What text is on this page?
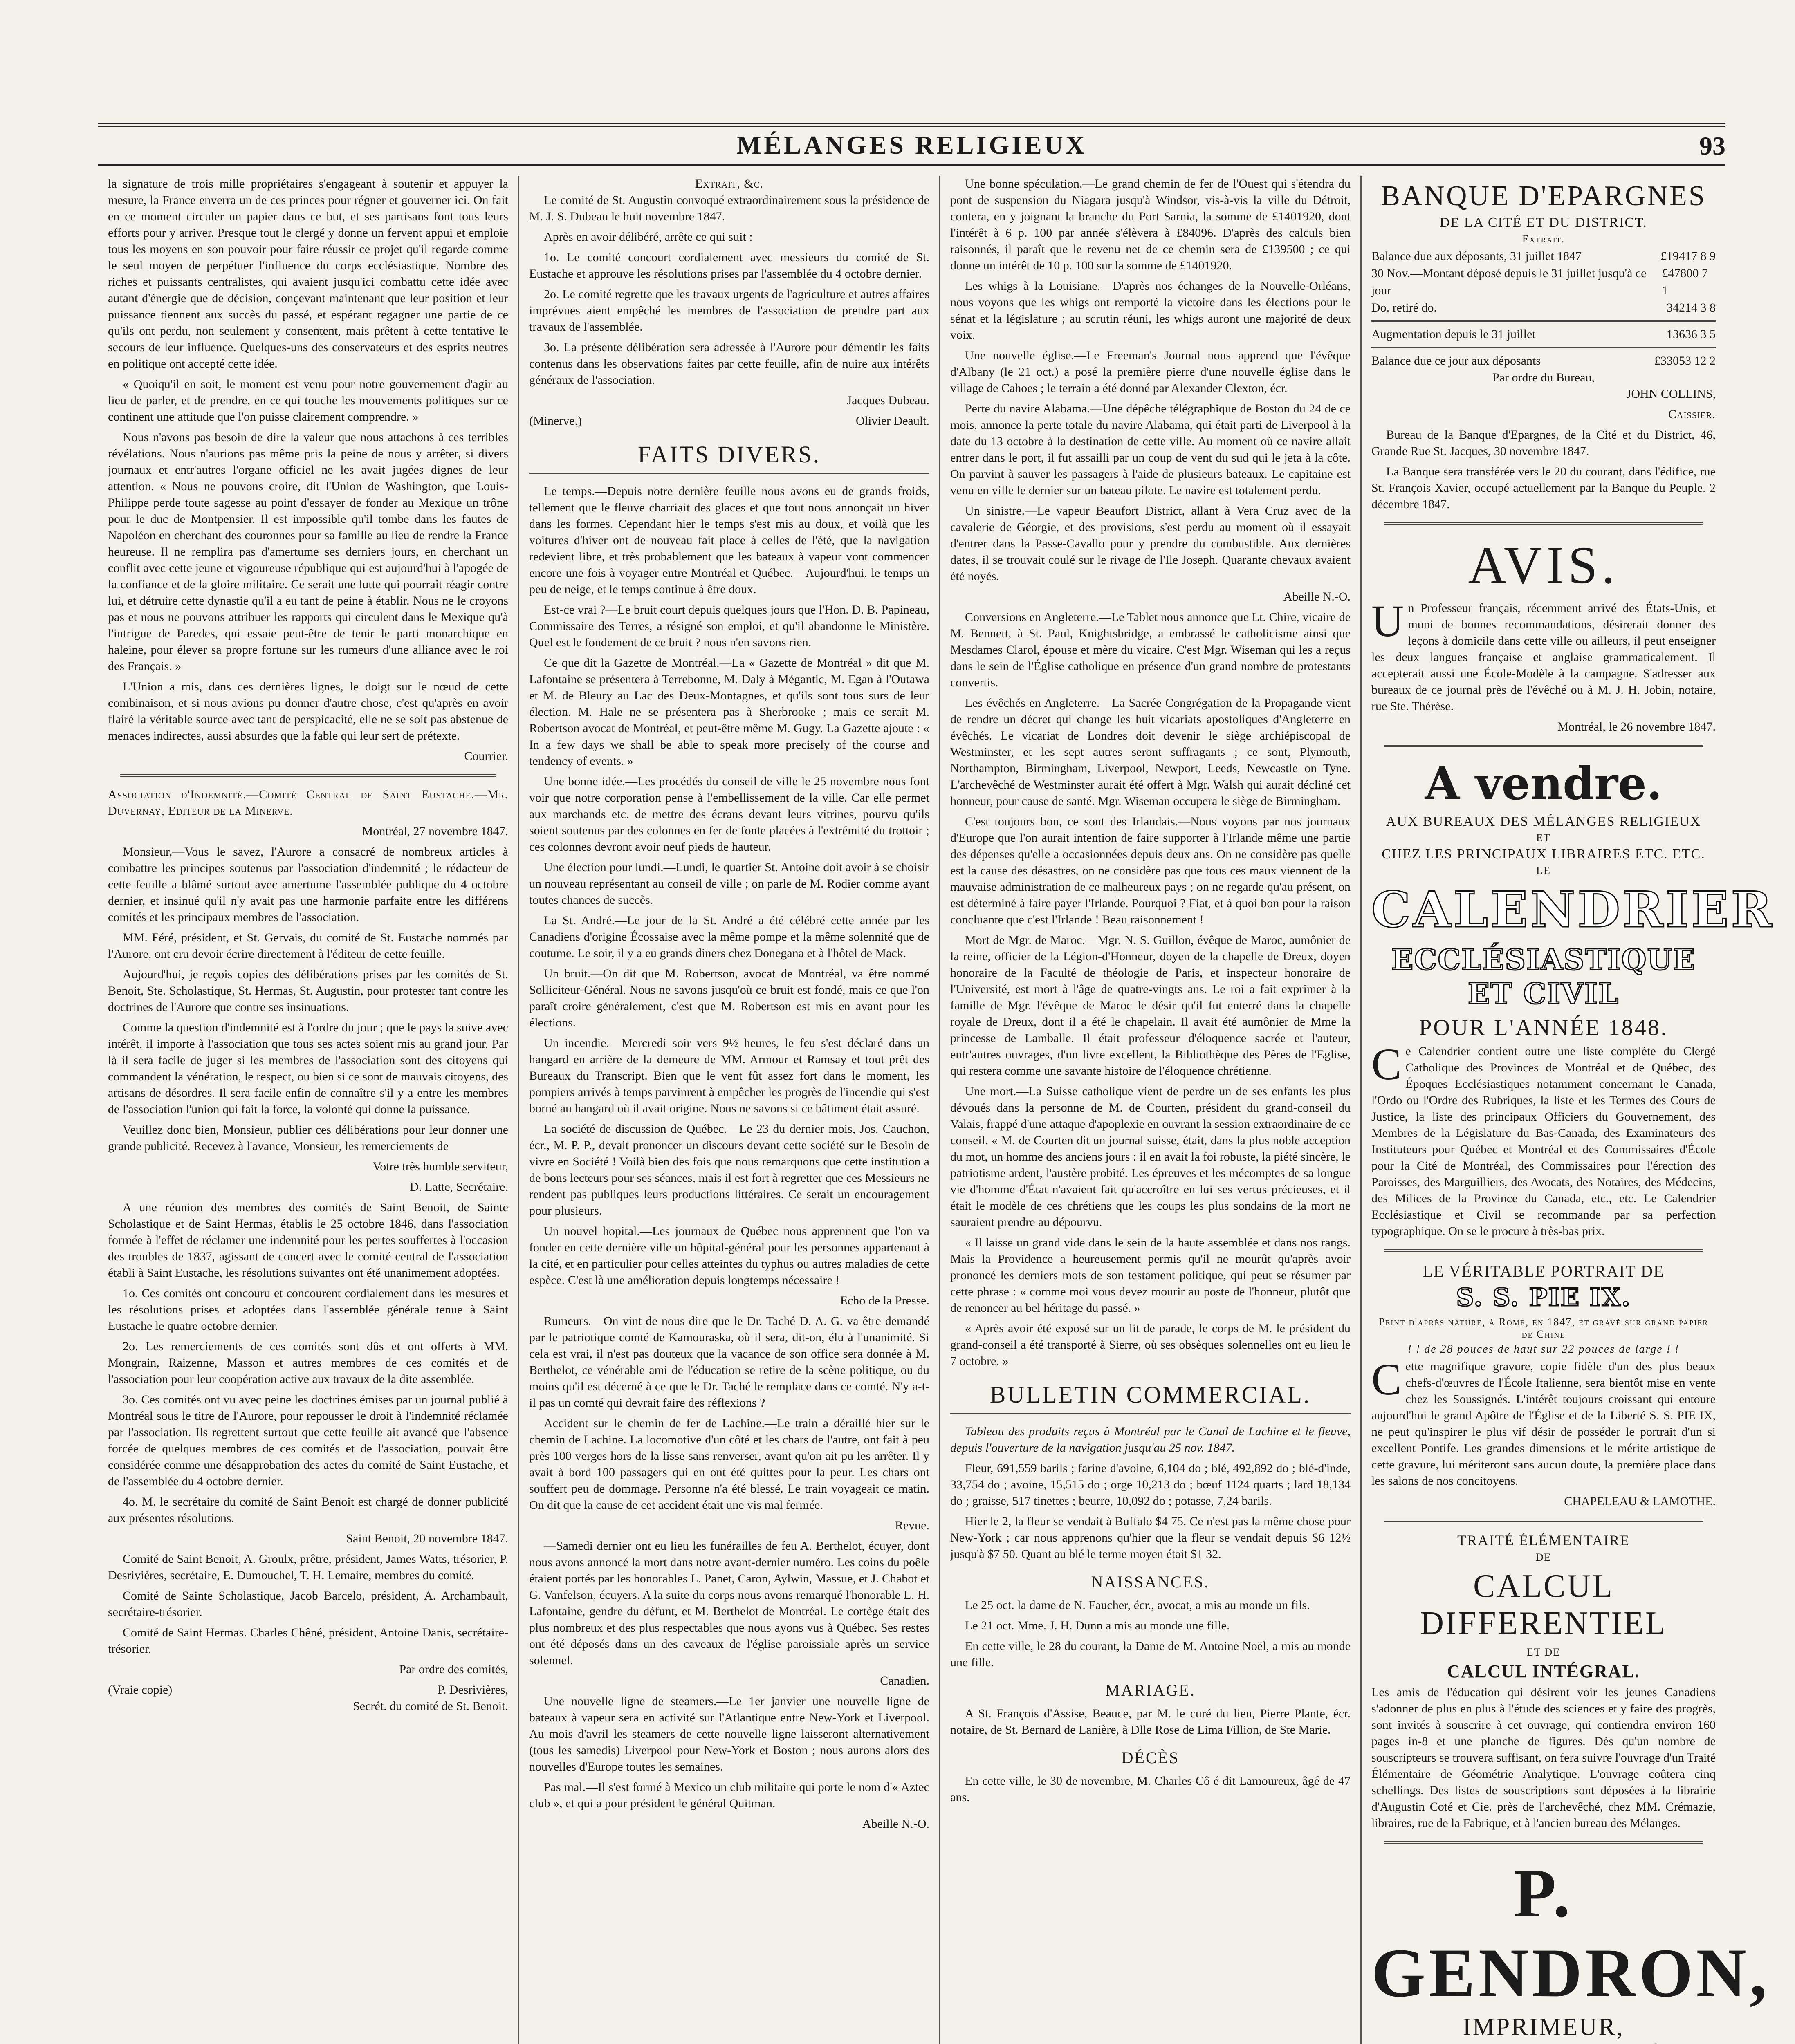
MÉLANGES RELIGIEUX	93

la signature de trois mille propriétaires s'engageant à soutenir et appuyer la mesure, la France enverra un de ces princes pour régner et gouverner ici. On fait en ce moment circuler un papier dans ce but, et ses partisans font tous leurs efforts pour y arriver. Presque tout le clergé y donne un fervent appui et emploie tous les moyens en son pouvoir pour faire réussir ce projet qu'il regarde comme le seul moyen de perpétuer l'influence du corps ecclésiastique. Nombre des riches et puissants centralistes, qui avaient jusqu'ici combattu cette idée avec autant d'énergie que de décision, conçevant maintenant que leur position et leur puissance tiennent aux succès du passé, et espérant regagner une partie de ce qu'ils ont perdu, non seulement y consentent, mais prêtent à cette tentative le secours de leur influence. Quelques-uns des conservateurs et des esprits neutres en politique ont accepté cette idée.

« Quoiqu'il en soit, le moment est venu pour notre gouvernement d'agir au lieu de parler, et de prendre, en ce qui touche les mouvements politiques sur ce continent une attitude que l'on puisse clairement comprendre. »

Nous n'avons pas besoin de dire la valeur que nous attachons à ces terribles révélations. Nous n'aurions pas même pris la peine de nous y arrêter, si divers journaux et entr'autres l'organe officiel ne les avait jugées dignes de leur attention. « Nous ne pouvons croire, dit l'Union de Washington, que Louis-Philippe perde toute sagesse au point d'essayer de fonder au Mexique un trône pour le duc de Montpensier. Il est impossible qu'il tombe dans les fautes de Napoléon en cherchant des couronnes pour sa famille au lieu de rendre la France heureuse. Il ne remplira pas d'amertume ses derniers jours, en cherchant un conflit avec cette jeune et vigoureuse république qui est aujourd'hui à l'apogée de la confiance et de la gloire militaire. Ce serait une lutte qui pourrait réagir contre lui, et détruire cette dynastie qu'il a eu tant de peine à établir. Nous ne le croyons pas et nous ne pouvons attribuer les rapports qui circulent dans le Mexique qu'à l'intrigue de Paredes, qui essaie peut-être de tenir le parti monarchique en haleine, pour élever sa propre fortune sur les rumeurs d'une alliance avec le roi des Français. »

L'Union a mis, dans ces dernières lignes, le doigt sur le nœud de cette combinaison, et si nous avions pu donner d'autre chose, c'est qu'après en avoir flairé la véritable source avec tant de perspicacité, elle ne se soit pas abstenue de menaces indirectes, aussi absurdes que la fable qui leur sert de prétexte.

Courrier.

Association d'Indemnité.—Comité Central de Saint Eustache.—Mr. Duvernay, Editeur de la Minerve.

Montréal, 27 novembre 1847.

Monsieur,—Vous le savez, l'Aurore a consacré de nombreux articles à combattre les principes soutenus par l'association d'indemnité ; le rédacteur de cette feuille a blâmé surtout avec amertume l'assemblée publique du 4 octobre dernier, et insinué qu'il n'y avait pas une harmonie parfaite entre les différens comités et les principaux membres de l'association.

MM. Féré, président, et St. Gervais, du comité de St. Eustache nommés par l'Aurore, ont cru devoir écrire directement à l'éditeur de cette feuille.

Aujourd'hui, je reçois copies des délibérations prises par les comités de St. Benoit, Ste. Scholastique, St. Hermas, St. Augustin, pour protester tant contre les doctrines de l'Aurore que contre ses insinuations.

Comme la question d'indemnité est à l'ordre du jour ; que le pays la suive avec intérêt, il importe à l'association que tous ses actes soient mis au grand jour. Par là il sera facile de juger si les membres de l'association sont des citoyens qui commandent la vénération, le respect, ou bien si ce sont de mauvais citoyens, des artisans de désordres. Il sera facile enfin de connaître s'il y a entre les membres de l'association l'union qui fait la force, la volonté qui donne la puissance.

Veuillez donc bien, Monsieur, publier ces délibérations pour leur donner une grande publicité. Recevez à l'avance, Monsieur, les remerciements de

Votre très humble serviteur,
D. Latte, Secrétaire.

A une réunion des membres des comités de Saint Benoit, de Sainte Scholastique et de Saint Hermas, établis le 25 octobre 1846, dans l'association formée à l'effet de réclamer une indemnité pour les pertes souffertes à l'occasion des troubles de 1837, agissant de concert avec le comité central de l'association établi à Saint Eustache, les résolutions suivantes ont été unanimement adoptées.

1o. Ces comités ont concouru et concourent cordialement dans les mesures et les résolutions prises et adoptées dans l'assemblée générale tenue à Saint Eustache le quatre octobre dernier.

2o. Les remerciements de ces comités sont dûs et ont offerts à MM. Mongrain, Raizenne, Masson et autres membres de ces comités et de l'association pour leur coopération active aux travaux de la dite assemblée.

3o. Ces comités ont vu avec peine les doctrines émises par un journal publié à Montréal sous le titre de l'Aurore, pour repousser le droit à l'indemnité réclamée par l'association. Ils regrettent surtout que cette feuille ait avancé que l'absence forcée de quelques membres de ces comités et de l'association, pouvait être considérée comme une désapprobation des actes du comité de Saint Eustache, et de l'assemblée du 4 octobre dernier.

4o. M. le secrétaire du comité de Saint Benoit est chargé de donner publicité aux présentes résolutions.

Saint Benoit, 20 novembre 1847.

Comité de Saint Benoit, A. Groulx, prêtre, président, James Watts, trésorier, P. Desrivières, secrétaire, E. Dumouchel, T. H. Lemaire, membres du comité.

Comité de Sainte Scholastique, Jacob Barcelo, président, A. Archambault, secrétaire-trésorier.

Comité de Saint Hermas. Charles Chêné, président, Antoine Danis, secrétaire-trésorier.

Par ordre des comités,
(Vraie copie)	P. Desrivières,
Secrét. du comité de St. Benoit.
Extrait, &c.

Le comité de St. Augustin convoqué extraordinairement sous la présidence de M. J. S. Dubeau le huit novembre 1847.

Après en avoir délibéré, arrête ce qui suit :

1o. Le comité concourt cordialement avec messieurs du comité de St. Eustache et approuve les résolutions prises par l'assemblée du 4 octobre dernier.

2o. Le comité regrette que les travaux urgents de l'agriculture et autres affaires imprévues aient empêché les membres de l'association de prendre part aux travaux de l'assemblée.

3o. La présente délibération sera adressée à l'Aurore pour démentir les faits contenus dans les observations faites par cette feuille, afin de nuire aux intérêts généraux de l'association.

Jacques Dubeau.
(Minerve.)	Olivier Deault.
FAITS DIVERS.

Le temps.—Depuis notre dernière feuille nous avons eu de grands froids, tellement que le fleuve charriait des glaces et que tout nous annonçait un hiver dans les formes. Cependant hier le temps s'est mis au doux, et voilà que les voitures d'hiver ont de nouveau fait place à celles de l'été, que la navigation redevient libre, et très probablement que les bateaux à vapeur vont commencer encore une fois à voyager entre Montréal et Québec.—Aujourd'hui, le temps un peu de neige, et le temps continue à être doux.

Est-ce vrai ?—Le bruit court depuis quelques jours que l'Hon. D. B. Papineau, Commissaire des Terres, a résigné son emploi, et qu'il abandonne le Ministère. Quel est le fondement de ce bruit ? nous n'en savons rien.

Ce que dit la Gazette de Montréal.—La « Gazette de Montréal » dit que M. Lafontaine se présentera à Terrebonne, M. Daly à Mégantic, M. Egan à l'Outawa et M. de Bleury au Lac des Deux-Montagnes, et qu'ils sont tous surs de leur élection. M. Hale ne se présentera pas à Sherbrooke ; mais ce serait M. Robertson avocat de Montréal, et peut-être même M. Gugy. La Gazette ajoute : « In a few days we shall be able to speak more precisely of the course and tendency of events. »

Une bonne idée.—Les procédés du conseil de ville le 25 novembre nous font voir que notre corporation pense à l'embellissement de la ville. Car elle permet aux marchands etc. de mettre des écrans devant leurs vitrines, pourvu qu'ils soient soutenus par des colonnes en fer de fonte placées à l'extrémité du trottoir ; ces colonnes devront avoir neuf pieds de hauteur.

Une élection pour lundi.—Lundi, le quartier St. Antoine doit avoir à se choisir un nouveau représentant au conseil de ville ; on parle de M. Rodier comme ayant toutes chances de succès.

La St. André.—Le jour de la St. André a été célébré cette année par les Canadiens d'origine Écossaise avec la même pompe et la même solennité que de coutume. Le soir, il y a eu grands diners chez Donegana et à l'hôtel de Mack.

Un bruit.—On dit que M. Robertson, avocat de Montréal, va être nommé Solliciteur-Général. Nous ne savons jusqu'où ce bruit est fondé, mais ce que l'on paraît croire généralement, c'est que M. Robertson est mis en avant pour les élections.

Un incendie.—Mercredi soir vers 9½ heures, le feu s'est déclaré dans un hangard en arrière de la demeure de MM. Armour et Ramsay et tout prêt des Bureaux du Transcript. Bien que le vent fût assez fort dans le moment, les pompiers arrivés à temps parvinrent à empêcher les progrès de l'incendie qui s'est borné au hangard où il avait origine. Nous ne savons si ce bâtiment était assuré.

La société de discussion de Québec.—Le 23 du dernier mois, Jos. Cauchon, écr., M. P. P., devait prononcer un discours devant cette société sur le Besoin de vivre en Société ! Voilà bien des fois que nous remarquons que cette institution a de bons lecteurs pour ses séances, mais il est fort à regretter que ces Messieurs ne rendent pas publiques leurs productions littéraires. Ce serait un encouragement pour plusieurs.

Un nouvel hopital.—Les journaux de Québec nous apprennent que l'on va fonder en cette dernière ville un hôpital-général pour les personnes appartenant à la cité, et en particulier pour celles atteintes du typhus ou autres maladies de cette espèce. C'est là une amélioration depuis longtemps nécessaire !

Echo de la Presse.

Rumeurs.—On vint de nous dire que le Dr. Taché D. A. G. va être demandé par le patriotique comté de Kamouraska, où il sera, dit-on, élu à l'unanimité. Si cela est vrai, il n'est pas douteux que la vacance de son office sera donnée à M. Berthelot, ce vénérable ami de l'éducation se retire de la scène politique, ou du moins qu'il est décerné à ce que le Dr. Taché le remplace dans ce comté. N'y a-t-il pas un comté qui devrait faire des réflexions ?

Accident sur le chemin de fer de Lachine.—Le train a déraillé hier sur le chemin de Lachine. La locomotive d'un côté et les chars de l'autre, ont fait à peu près 100 verges hors de la lisse sans renverser, avant qu'on ait pu les arrêter. Il y avait à bord 100 passagers qui en ont été quittes pour la peur. Les chars ont souffert peu de dommage. Personne n'a été blessé. Le train voyageait ce matin. On dit que la cause de cet accident était une vis mal fermée.

Revue.

—Samedi dernier ont eu lieu les funérailles de feu A. Berthelot, écuyer, dont nous avons annoncé la mort dans notre avant-dernier numéro. Les coins du poêle étaient portés par les honorables L. Panet, Caron, Aylwin, Massue, et J. Chabot et G. Vanfelson, écuyers. A la suite du corps nous avons remarqué l'honorable L. H. Lafontaine, gendre du défunt, et M. Berthelot de Montréal. Le cortège était des plus nombreux et des plus respectables que nous ayons vus à Québec. Ses restes ont été déposés dans un des caveaux de l'église paroissiale après un service solennel.

Canadien.

Une nouvelle ligne de steamers.—Le 1er janvier une nouvelle ligne de bateaux à vapeur sera en activité sur l'Atlantique entre New-York et Liverpool. Au mois d'avril les steamers de cette nouvelle ligne laisseront alternativement (tous les samedis) Liverpool pour New-York et Boston ; nous aurons alors des nouvelles d'Europe toutes les semaines.

Pas mal.—Il s'est formé à Mexico un club militaire qui porte le nom d'« Aztec club », et qui a pour président le général Quitman.

Abeille N.-O.

Une bonne spéculation.—Le grand chemin de fer de l'Ouest qui s'étendra du pont de suspension du Niagara jusqu'à Windsor, vis-à-vis la ville du Détroit, contera, en y joignant la branche du Port Sarnia, la somme de £1401920, dont l'intérêt à 6 p. 100 par année s'élèvera à £84096. D'après des calculs bien raisonnés, il paraît que le revenu net de ce chemin sera de £139500 ; ce qui donne un intérêt de 10 p. 100 sur la somme de £1401920.

Les whigs à la Louisiane.—D'après nos échanges de la Nouvelle-Orléans, nous voyons que les whigs ont remporté la victoire dans les élections pour le sénat et la législature ; au scrutin réuni, les whigs auront une majorité de deux voix.

Une nouvelle église.—Le Freeman's Journal nous apprend que l'évêque d'Albany (le 21 oct.) a posé la première pierre d'une nouvelle église dans le village de Cahoes ; le terrain a été donné par Alexander Clexton, écr.

Perte du navire Alabama.—Une dépêche télégraphique de Boston du 24 de ce mois, annonce la perte totale du navire Alabama, qui était parti de Liverpool à la date du 13 octobre à la destination de cette ville. Au moment où ce navire allait entrer dans le port, il fut assailli par un coup de vent du sud qui le jeta à la côte. On parvint à sauver les passagers à l'aide de plusieurs bateaux. Le capitaine est venu en ville le dernier sur un bateau pilote. Le navire est totalement perdu.

Un sinistre.—Le vapeur Beaufort District, allant à Vera Cruz avec de la cavalerie de Géorgie, et des provisions, s'est perdu au moment où il essayait d'entrer dans la Passe-Cavallo pour y prendre du combustible. Aux dernières dates, il se trouvait coulé sur le rivage de l'Ile Joseph. Quarante chevaux avaient été noyés.

Abeille N.-O.

Conversions en Angleterre.—Le Tablet nous annonce que Lt. Chire, vicaire de M. Bennett, à St. Paul, Knightsbridge, a embrassé le catholicisme ainsi que Mesdames Clarol, épouse et mère du vicaire. C'est Mgr. Wiseman qui les a reçus dans le sein de l'Église catholique en présence d'un grand nombre de protestants convertis.

Les évêchés en Angleterre.—La Sacrée Congrégation de la Propagande vient de rendre un décret qui change les huit vicariats apostoliques d'Angleterre en évêchés. Le vicariat de Londres doit devenir le siège archiépiscopal de Westminster, et les sept autres seront suffragants ; ce sont, Plymouth, Northampton, Birmingham, Liverpool, Newport, Leeds, Newcastle on Tyne. L'archevêché de Westminster aurait été offert à Mgr. Walsh qui aurait décliné cet honneur, pour cause de santé. Mgr. Wiseman occupera le siège de Birmingham.

C'est toujours bon, ce sont des Irlandais.—Nous voyons par nos journaux d'Europe que l'on aurait intention de faire supporter à l'Irlande même une partie des dépenses qu'elle a occasionnées depuis deux ans. On ne considère pas quelle est la cause des désastres, on ne considère pas que tous ces maux viennent de la mauvaise administration de ce malheureux pays ; on ne regarde qu'au présent, on est déterminé à faire payer l'Irlande. Pourquoi ? Fiat, et à quoi bon pour la raison concluante que c'est l'Irlande ! Beau raisonnement !

Mort de Mgr. de Maroc.—Mgr. N. S. Guillon, évêque de Maroc, aumônier de la reine, officier de la Légion-d'Honneur, doyen de la chapelle de Dreux, doyen honoraire de la Faculté de théologie de Paris, et inspecteur honoraire de l'Université, est mort à l'âge de quatre-vingts ans. Le roi a fait exprimer à la famille de Mgr. l'évêque de Maroc le désir qu'il fut enterré dans la chapelle royale de Dreux, dont il a été le chapelain. Il avait été aumônier de Mme la princesse de Lamballe. Il était professeur d'éloquence sacrée et l'auteur, entr'autres ouvrages, d'un livre excellent, la Bibliothèque des Pères de l'Eglise, qui restera comme une savante histoire de l'éloquence chrétienne.

Une mort.—La Suisse catholique vient de perdre un de ses enfants les plus dévoués dans la personne de M. de Courten, président du grand-conseil du Valais, frappé d'une attaque d'apoplexie en ouvrant la session extraordinaire de ce conseil. « M. de Courten dit un journal suisse, était, dans la plus noble acception du mot, un homme des anciens jours : il en avait la foi robuste, la piété sincère, le patriotisme ardent, l'austère probité. Les épreuves et les mécomptes de sa longue vie d'homme d'État n'avaient fait qu'accroître en lui ses vertus précieuses, et il était le modèle de ces chrétiens que les coups les plus sondains de la mort ne sauraient prendre au dépourvu.

« Il laisse un grand vide dans le sein de la haute assemblée et dans nos rangs. Mais la Providence a heureusement permis qu'il ne mourût qu'après avoir prononcé les derniers mots de son testament politique, qui peut se résumer par cette phrase : « comme moi vous devez mourir au poste de l'honneur, plutôt que de renoncer au bel héritage du passé. »

« Après avoir été exposé sur un lit de parade, le corps de M. le président du grand-conseil a été transporté à Sierre, où ses obsèques solennelles ont eu lieu le 7 octobre. »

BULLETIN COMMERCIAL.

Tableau des produits reçus à Montréal par le Canal de Lachine et le fleuve, depuis l'ouverture de la navigation jusqu'au 25 nov. 1847.

Fleur, 691,559 barils ; farine d'avoine, 6,104 do ; blé, 492,892 do ; blé-d'inde, 33,754 do ; avoine, 15,515 do ; orge 10,213 do ; bœuf 1124 quarts ; lard 18,134 do ; graisse, 517 tinettes ; beurre, 10,092 do ; potasse, 7,24 barils.

Hier le 2, la fleur se vendait à Buffalo $4 75. Ce n'est pas la même chose pour New-York ; car nous apprenons qu'hier que la fleur se vendait depuis $6 12½ jusqu'à $7 50. Quant au blé le terme moyen était $1 32.

NAISSANCES.

Le 25 oct. la dame de N. Faucher, écr., avocat, a mis au monde un fils.

Le 21 oct. Mme. J. H. Dunn a mis au monde une fille.

En cette ville, le 28 du courant, la Dame de M. Antoine Noël, a mis au monde une fille.

MARIAGE.

A St. François d'Assise, Beauce, par M. le curé du lieu, Pierre Plante, écr. notaire, de St. Bernard de Lanière, à Dlle Rose de Lima Fillion, de Ste Marie.

DÉCÈS

En cette ville, le 30 de novembre, M. Charles Cô é dit Lamoureux, âgé de 47 ans.

BANQUE D'EPARGNES
DE LA CITÉ ET DU DISTRICT.
Extrait.
Balance due aux déposants, 31 juillet 1847	£19417 8 9
30 Nov.—Montant déposé depuis le 31 juillet jusqu'à ce jour
£47800 7 1
Do. retiré do.	34214 3 8
Augmentation depuis le 31 juillet	13636 3 5
Balance due ce jour aux déposants	£33053 12 2
Par ordre du Bureau,
JOHN COLLINS,
Caissier.

Bureau de la Banque d'Epargnes, de la Cité et du District, 46, Grande Rue St. Jacques, 30 novembre 1847.

La Banque sera transférée vers le 20 du courant, dans l'édifice, rue St. François Xavier, occupé actuellement par la Banque du Peuple. 2 décembre 1847.

AVIS.

Un Professeur français, récemment arrivé des États-Unis, et muni de bonnes recommandations, désirerait donner des leçons à domicile dans cette ville ou ailleurs, il peut enseigner les deux langues française et anglaise grammaticalement. Il accepterait aussi une École-Modèle à la campagne. S'adresser aux bureaux de ce journal près de l'évêché ou à M. J. H. Jobin, notaire, rue Ste. Thérèse.

Montréal, le 26 novembre 1847.
A vendre.
AUX BUREAUX DES MÉLANGES RELIGIEUX
ET
CHEZ LES PRINCIPAUX LIBRAIRES ETC. ETC.
LE
CALENDRIER
ECCLÉSIASTIQUE ET CIVIL
POUR L'ANNÉE 1848.

Ce Calendrier contient outre une liste complète du Clergé Catholique des Provinces de Montréal et de Québec, des Époques Ecclésiastiques notamment concernant le Canada, l'Ordo ou l'Ordre des Rubriques, la liste et les Termes des Cours de Justice, la liste des principaux Officiers du Gouvernement, des Membres de la Législature du Bas-Canada, des Examinateurs des Instituteurs pour Québec et Montréal et des Commissaires d'École pour la Cité de Montréal, des Commissaires pour l'érection des Paroisses, des Marguilliers, des Avocats, des Notaires, des Médecins, des Milices de la Province du Canada, etc., etc. Le Calendrier Ecclésiastique et Civil se recommande par sa perfection typographique. On se le procure à très-bas prix.

LE VÉRITABLE PORTRAIT DE
S. S. PIE IX.
Peint d'après nature, à Rome, en 1847, et gravé sur grand papier de Chine
! ! de 28 pouces de haut sur 22 pouces de large ! !

Cette magnifique gravure, copie fidèle d'un des plus beaux chefs-d'œuvres de l'École Italienne, sera bientôt mise en vente chez les Soussignés. L'intérêt toujours croissant qui entoure aujourd'hui le grand Apôtre de l'Église et de la Liberté S. S. PIE IX, ne peut qu'inspirer le plus vif désir de posséder le portrait d'un si excellent Pontife. Les grandes dimensions et le mérite artistique de cette gravure, lui mériteront sans aucun doute, la première place dans les salons de nos concitoyens.

CHAPELEAU & LAMOTHE.
TRAITÉ ÉLÉMENTAIRE
DE
CALCUL DIFFERENTIEL
ET DE
CALCUL INTÉGRAL.

Les amis de l'éducation qui désirent voir les jeunes Canadiens s'adonner de plus en plus à l'étude des sciences et y faire des progrès, sont invités à souscrire à cet ouvrage, qui contiendra environ 160 pages in-8 et une planche de figures. Dès qu'un nombre de souscripteurs se trouvera suffisant, on fera suivre l'ouvrage d'un Traité Élémentaire de Géométrie Analytique. L'ouvrage coûtera cinq schellings. Des listes de souscriptions sont déposées à la librairie d'Augustin Coté et Cie. près de l'archevêché, chez MM. Crémazie, libraires, rue de la Fabrique, et à l'ancien bureau des Mélanges.

P. GENDRON,
IMPRIMEUR,
